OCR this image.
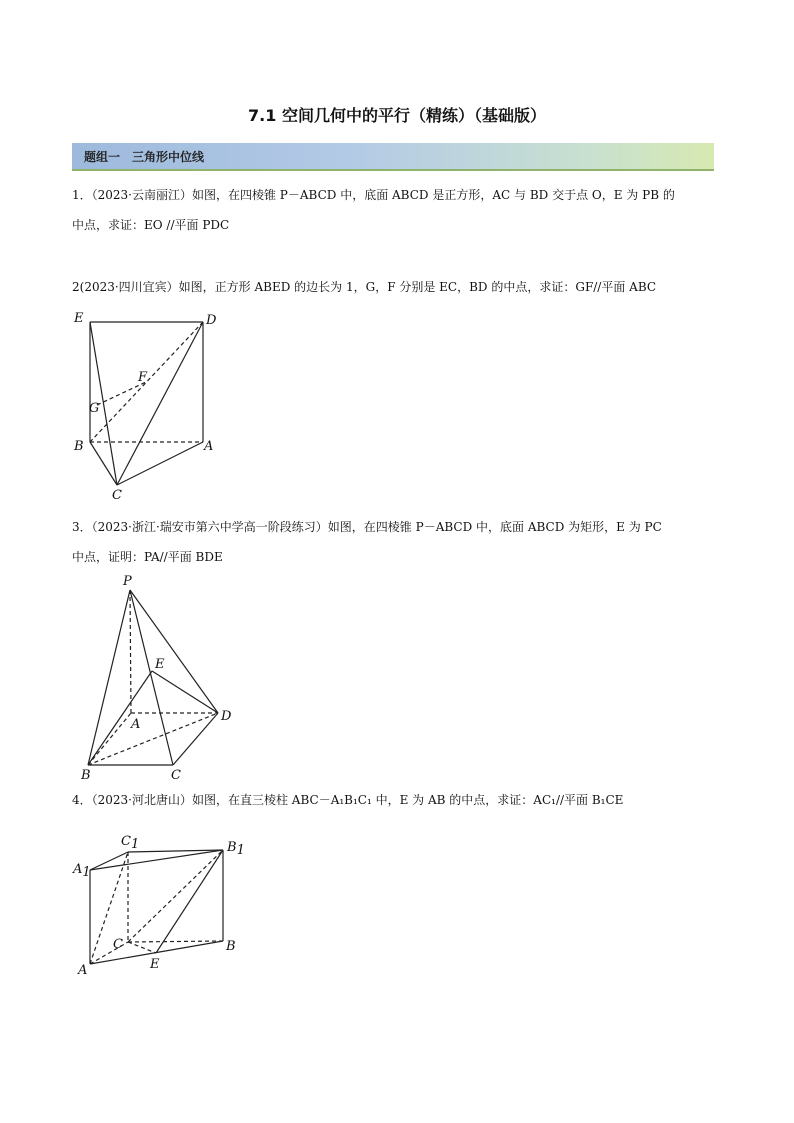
7.1 空间几何中的平行（精练）（基础版）
题组一　三角形中位线
1．（2023·云南丽江）如图，在四棱锥 P－ABCD 中，底面 ABCD 是正方形，AC 与 BD 交于点 O，E 为 PB 的
中点，求证：EO //平面 PDC
2(2023·四川宜宾）如图，正方形 ABED 的边长为 1，G，F 分别是 EC，BD 的中点，求证：GF//平面 ABC
E	D
F
G
B	A
C
3．（2023·浙江·瑞安市第六中学高一阶段练习）如图，在四棱锥 P－ABCD 中，底面 ABCD 为矩形，E 为 PC
中点，证明：PA//平面 BDE
P
E
A
D
B	C
4．（2023·河北唐山）如图，在直三棱柱 ABC－A₁B₁C₁ 中，E 为 AB 的中点，求证：AC₁//平面 B₁CE
C1
A1
B1
C
A	E
B
